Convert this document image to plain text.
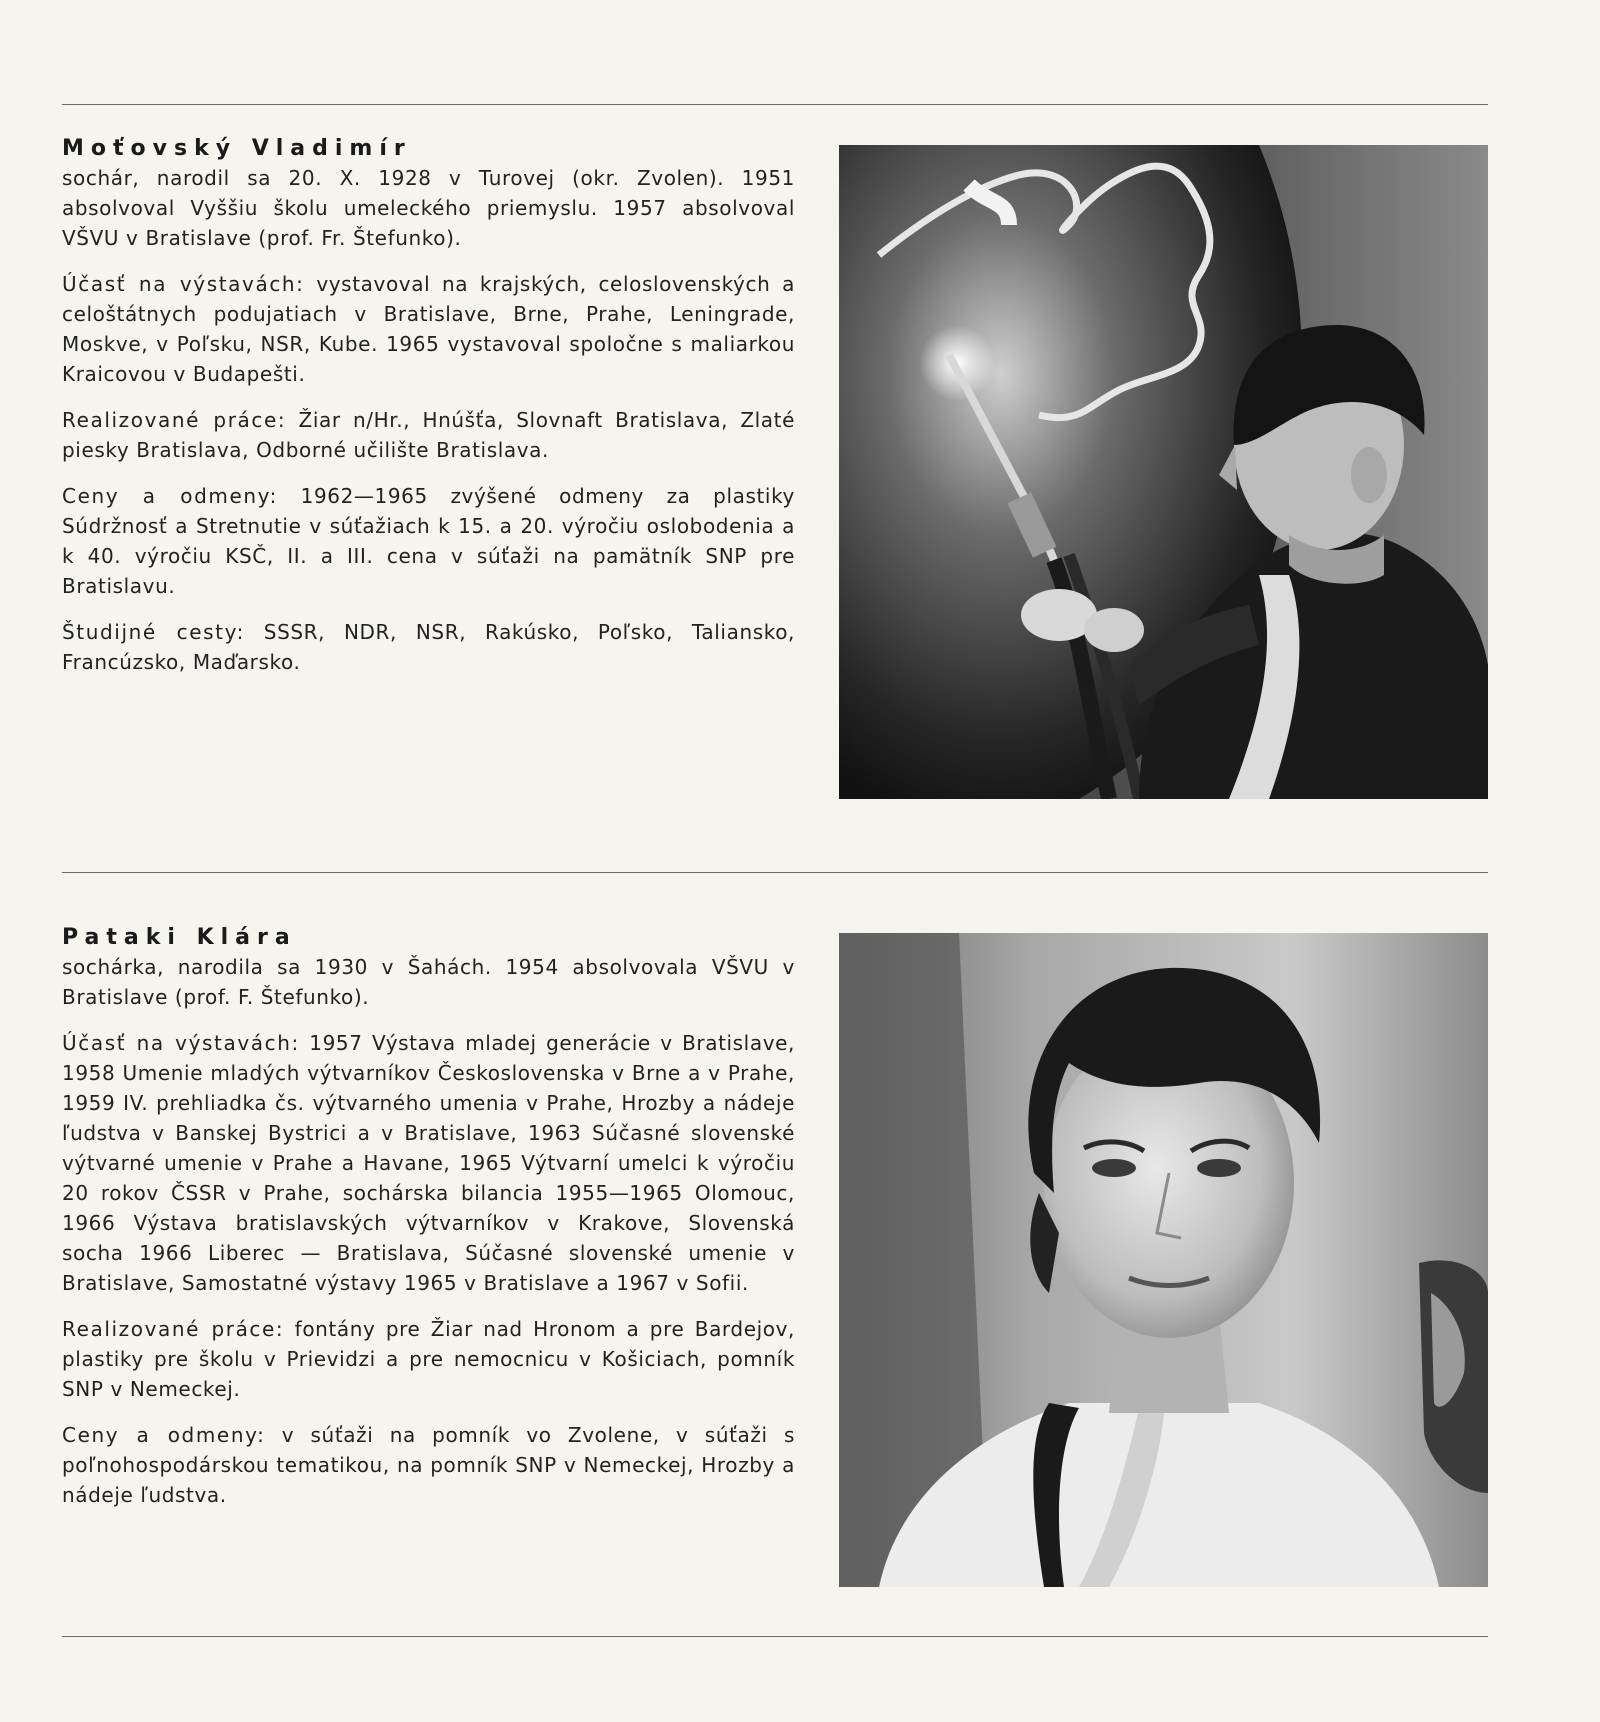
Moťovský Vladimír

sochár, narodil sa 20. X. 1928 v Turovej (okr. Zvolen). 1951 absolvoval Vyššiu školu umeleckého priemyslu. 1957 absolvoval VŠVU v Bratislave (prof. Fr. Štefunko).

Účasť na výstavách: vystavoval na krajských, celoslovenských a celoštátnych podujatiach v Bratislave, Brne, Prahe, Leningrade, Moskve, v Poľsku, NSR, Kube. 1965 vystavoval spoločne s maliarkou Kraicovou v Budapešti.

Realizované práce: Žiar n/Hr., Hnúšťa, Slovnaft Bratislava, Zlaté piesky Bratislava, Odborné učilište Bratislava.

Ceny a odmeny: 1962—1965 zvýšené odmeny za plastiky Súdržnosť a Stretnutie v súťažiach k 15. a 20. výročiu oslobodenia a k 40. výročiu KSČ, II. a III. cena v súťaži na pamätník SNP pre Bratislavu.

Študijné cesty: SSSR, NDR, NSR, Rakúsko, Poľsko, Taliansko, Francúzsko, Maďarsko.

Pataki Klára

sochárka, narodila sa 1930 v Šahách. 1954 absolvovala VŠVU v Bratislave (prof. F. Štefunko).

Účasť na výstavách: 1957 Výstava mladej generácie v Bratislave, 1958 Umenie mladých výtvarníkov Československa v Brne a v Prahe, 1959 IV. prehliadka čs. výtvarného umenia v Prahe, Hrozby a nádeje ľudstva v Banskej Bystrici a v Bratislave, 1963 Súčasné slovenské výtvarné umenie v Prahe a Havane, 1965 Výtvarní umelci k výročiu 20 rokov ČSSR v Prahe, sochárska bilancia 1955—1965 Olomouc, 1966 Výstava bratislavských výtvarníkov v Krakove, Slovenská socha 1966 Liberec — Bratislava, Súčasné slovenské umenie v Bratislave, Samostatné výstavy 1965 v Bratislave a 1967 v Sofii.

Realizované práce: fontány pre Žiar nad Hronom a pre Bardejov, plastiky pre školu v Prievidzi a pre nemocnicu v Košiciach, pomník SNP v Nemeckej.

Ceny a odmeny: v súťaži na pomník vo Zvolene, v súťaži s poľnohospodárskou tematikou, na pomník SNP v Nemeckej, Hrozby a nádeje ľudstva.
